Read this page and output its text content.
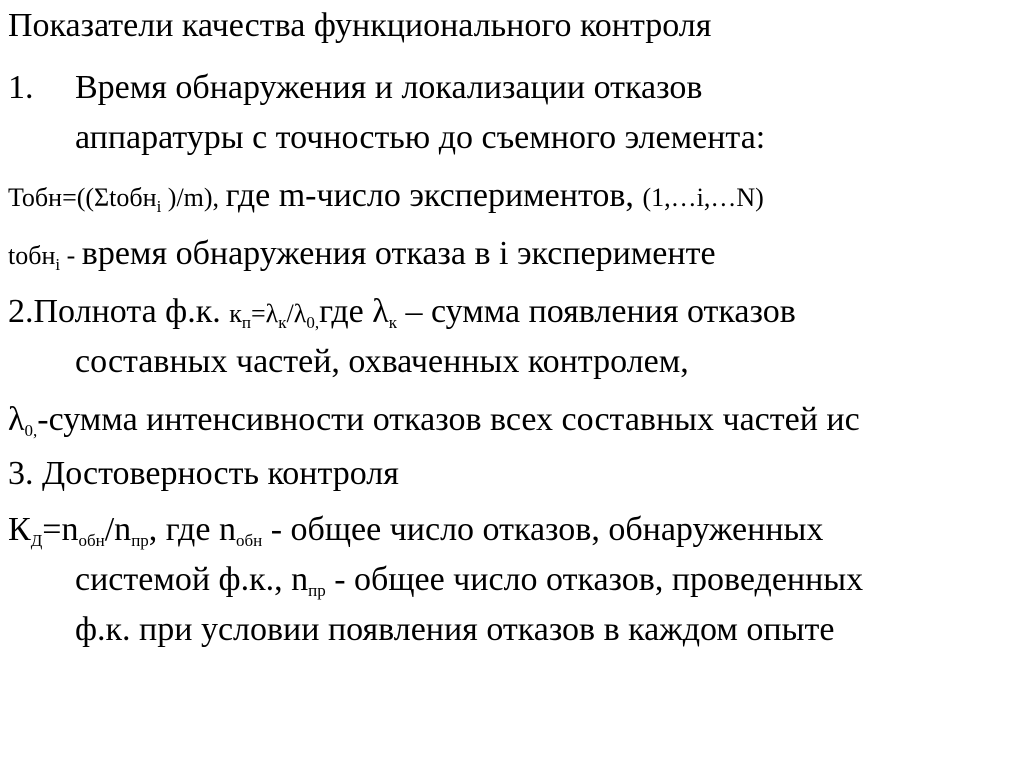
Показатели качества функционального контроля
1. Время обнаружения и локализации отказов
аппаратуры с точностью до съемного элемента:
Тобн=((Σtобн$_i$ )/m), где m-число экспериментов, (1,…i,…N)
tобн$_i$ - время обнаружения отказа в i эксперименте
2.Полнота ф.к. $к_п=\lambda_к/\lambda_{0,}где$ $\lambda_к$ – сумма появления отказов
составных частей, охваченных контролем,
$\lambda_{0,}$-сумма интенсивности отказов всех составных частей ис
3. Достоверность контроля
$К_Д=n_{обн}/n_{пр}$, где $n_{обн}$ - общее число отказов, обнаруженных
системой ф.к., $n_{пр}$ - общее число отказов, проведенных
ф.к. при условии появления отказов в каждом опыте
